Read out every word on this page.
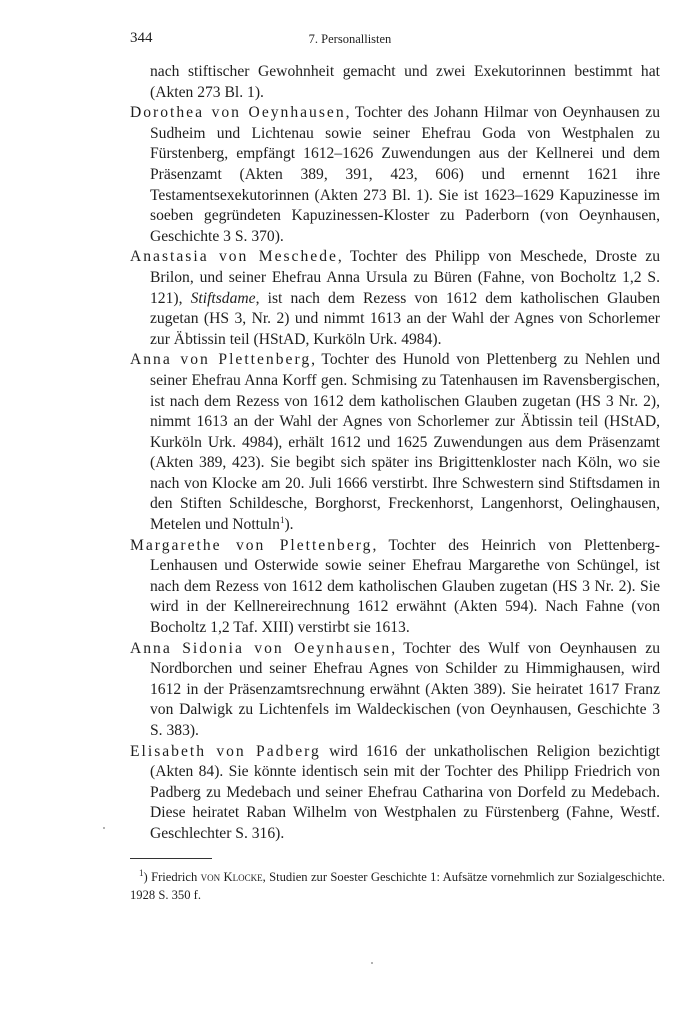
344	7. Personallisten

nach stiftischer Gewohnheit gemacht und zwei Exekutorinnen bestimmt hat (Akten 273 Bl. 1).

Dorothea von Oeynhausen, Tochter des Johann Hilmar von Oeynhausen zu Sudheim und Lichtenau sowie seiner Ehefrau Goda von Westphalen zu Fürstenberg, empfängt 1612–1626 Zuwendungen aus der Kellnerei und dem Präsenzamt (Akten 389, 391, 423, 606) und ernennt 1621 ihre Testamentsexekutorinnen (Akten 273 Bl. 1). Sie ist 1623–1629 Kapuzinesse im soeben gegründeten Kapuzinessen-Kloster zu Paderborn (von Oeynhausen, Geschichte 3 S. 370).

Anastasia von Meschede, Tochter des Philipp von Meschede, Droste zu Brilon, und seiner Ehefrau Anna Ursula zu Büren (Fahne, von Bocholtz 1,2 S. 121), Stiftsdame, ist nach dem Rezess von 1612 dem katholischen Glauben zugetan (HS 3, Nr. 2) und nimmt 1613 an der Wahl der Agnes von Schorlemer zur Äbtissin teil (HStAD, Kurköln Urk. 4984).

Anna von Plettenberg, Tochter des Hunold von Plettenberg zu Nehlen und seiner Ehefrau Anna Korff gen. Schmising zu Tatenhausen im Ravensbergischen, ist nach dem Rezess von 1612 dem katholischen Glauben zugetan (HS 3 Nr. 2), nimmt 1613 an der Wahl der Agnes von Schorlemer zur Äbtissin teil (HStAD, Kurköln Urk. 4984), erhält 1612 und 1625 Zuwendungen aus dem Präsenzamt (Akten 389, 423). Sie begibt sich später ins Brigittenkloster nach Köln, wo sie nach von Klocke am 20. Juli 1666 verstirbt. Ihre Schwestern sind Stiftsdamen in den Stiften Schildesche, Borghorst, Freckenhorst, Langenhorst, Oelinghausen, Metelen und Nottuln$^1$).

Margarethe von Plettenberg, Tochter des Heinrich von Plettenberg-Lenhausen und Osterwide sowie seiner Ehefrau Margarethe von Schüngel, ist nach dem Rezess von 1612 dem katholischen Glauben zugetan (HS 3 Nr. 2). Sie wird in der Kellnereirechnung 1612 erwähnt (Akten 594). Nach Fahne (von Bocholtz 1,2 Taf. XIII) verstirbt sie 1613.

Anna Sidonia von Oeynhausen, Tochter des Wulf von Oeynhausen zu Nordborchen und seiner Ehefrau Agnes von Schilder zu Himmighausen, wird 1612 in der Präsenzamtsrechnung erwähnt (Akten 389). Sie heiratet 1617 Franz von Dalwigk zu Lichtenfels im Waldeckischen (von Oeynhausen, Geschichte 3 S. 383).

Elisabeth von Padberg wird 1616 der unkatholischen Religion bezichtigt (Akten 84). Sie könnte identisch sein mit der Tochter des Philipp Friedrich von Padberg zu Medebach und seiner Ehefrau Catharina von Dorfeld zu Medebach. Diese heiratet Raban Wilhelm von Westphalen zu Fürstenberg (Fahne, Westf. Geschlechter S. 316).

$^1$) Friedrich von Klocke, Studien zur Soester Geschichte 1: Aufsätze vornehmlich zur Sozialgeschichte. 1928 S. 350 f.
